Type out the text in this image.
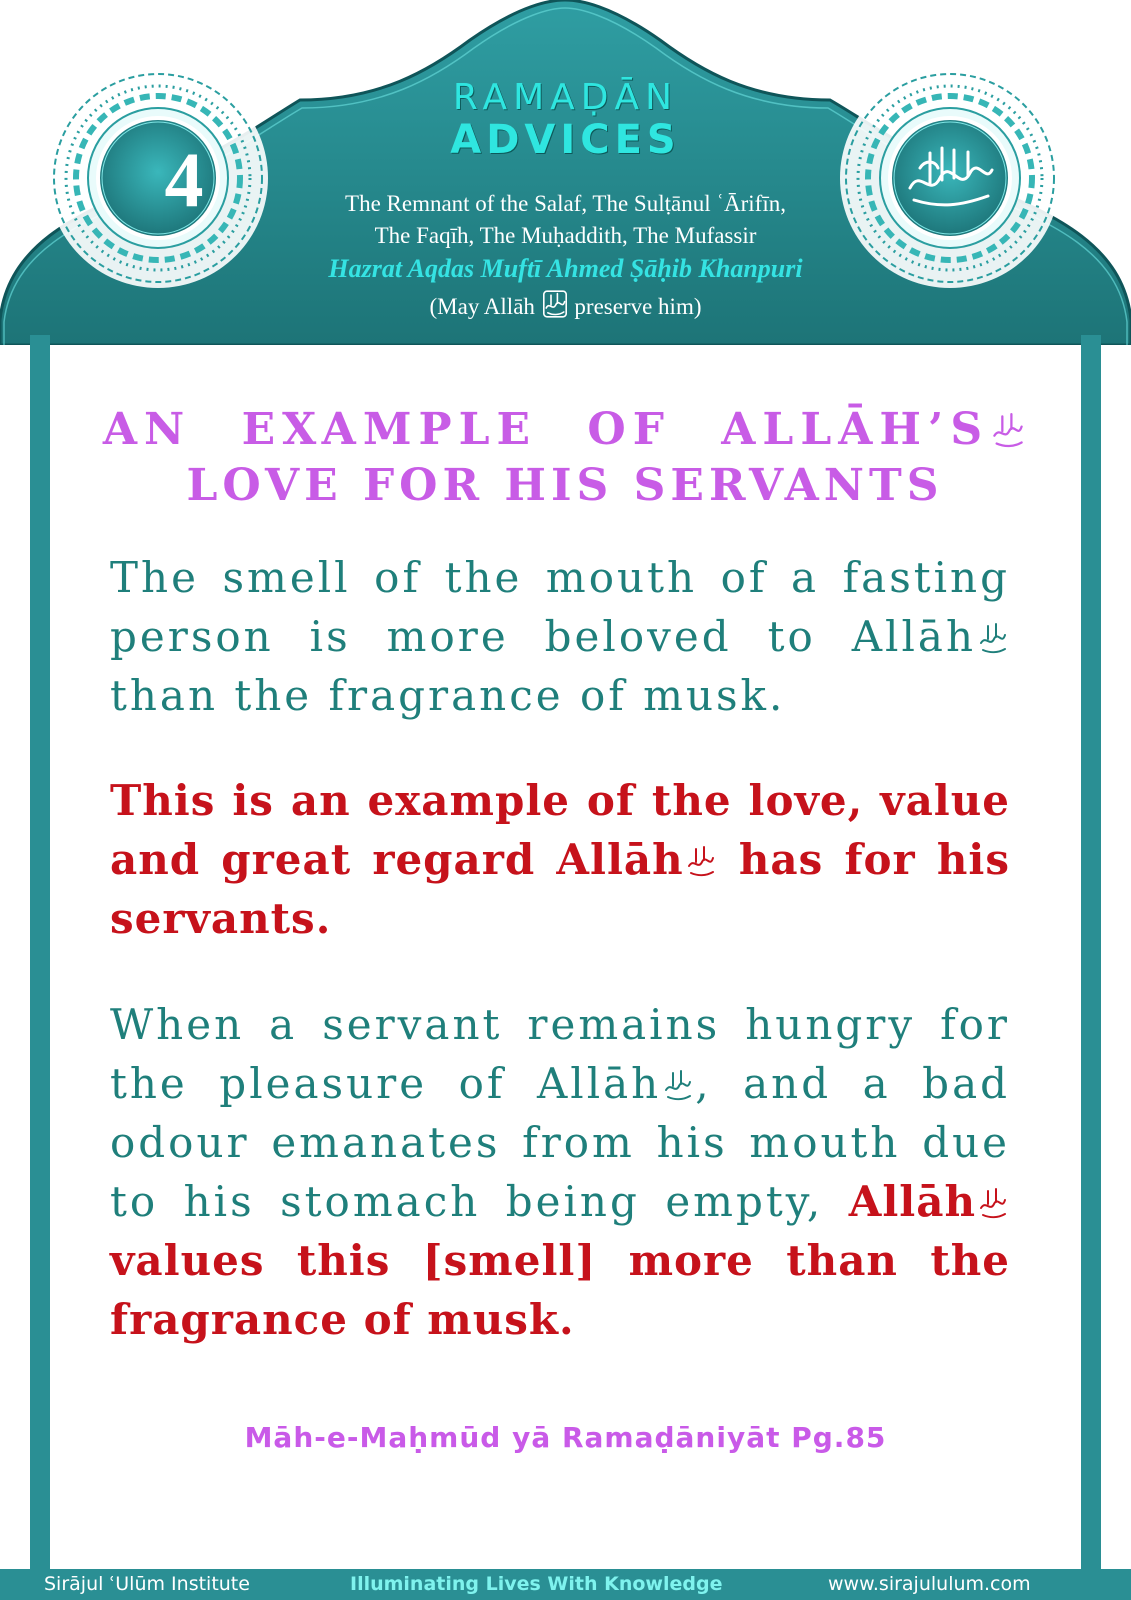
4
RAMAḌĀN
ADVICES
The Remnant of the Salaf, The Sulṭānul ʿĀrifīn,
The Faqīh, The Muḥaddith, The Mufassir
Hazrat Aqdas Muftī Ahmed Ṣāḥib Khanpuri
(May Allāh preserve him)
AN EXAMPLE OF ALLĀH’S
LOVE FOR HIS SERVANTS
The smell of the mouth of a fasting person is more beloved to Allāh than the fragrance of musk.
This is an example of the love, value and great regard Allāh has for his servants.
When a servant remains hungry for the pleasure of Allāh , and a bad odour emanates from his mouth due to his stomach being empty, Allāh values this [smell] more than the fragrance of musk.
Māh-e-Maḥmūd yā Ramaḍāniyāt Pg.85
Sirājul ʿUlūm Institute	Illuminating Lives With Knowledge	www.sirajululum.com
